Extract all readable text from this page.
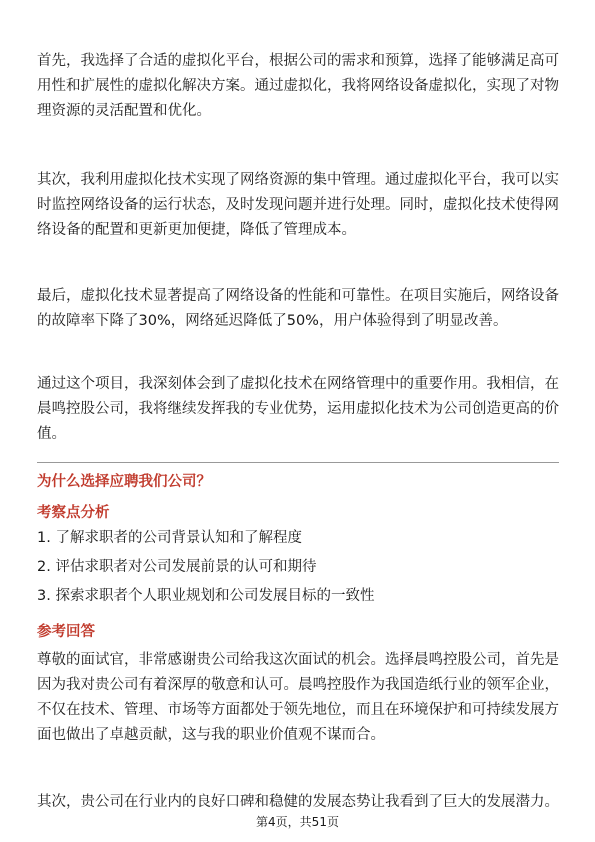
首先，我选择了合适的虚拟化平台，根据公司的需求和预算，选择了能够满足高可用性和扩展性的虚拟化解决方案。通过虚拟化，我将网络设备虚拟化，实现了对物理资源的灵活配置和优化。

其次，我利用虚拟化技术实现了网络资源的集中管理。通过虚拟化平台，我可以实时监控网络设备的运行状态，及时发现问题并进行处理。同时，虚拟化技术使得网络设备的配置和更新更加便捷，降低了管理成本。

最后，虚拟化技术显著提高了网络设备的性能和可靠性。在项目实施后，网络设备的故障率下降了30%，网络延迟降低了50%，用户体验得到了明显改善。

通过这个项目，我深刻体会到了虚拟化技术在网络管理中的重要作用。我相信，在晨鸣控股公司，我将继续发挥我的专业优势，运用虚拟化技术为公司创造更高的价值。

为什么选择应聘我们公司？

考察点分析

1. 了解求职者的公司背景认知和了解程度

2. 评估求职者对公司发展前景的认可和期待

3. 探索求职者个人职业规划和公司发展目标的一致性

参考回答

尊敬的面试官，非常感谢贵公司给我这次面试的机会。选择晨鸣控股公司，首先是因为我对贵公司有着深厚的敬意和认可。晨鸣控股作为我国造纸行业的领军企业，不仅在技术、管理、市场等方面都处于领先地位，而且在环境保护和可持续发展方面也做出了卓越贡献，这与我的职业价值观不谋而合。

其次，贵公司在行业内的良好口碑和稳健的发展态势让我看到了巨大的发展潜力。

第4页，共51页
